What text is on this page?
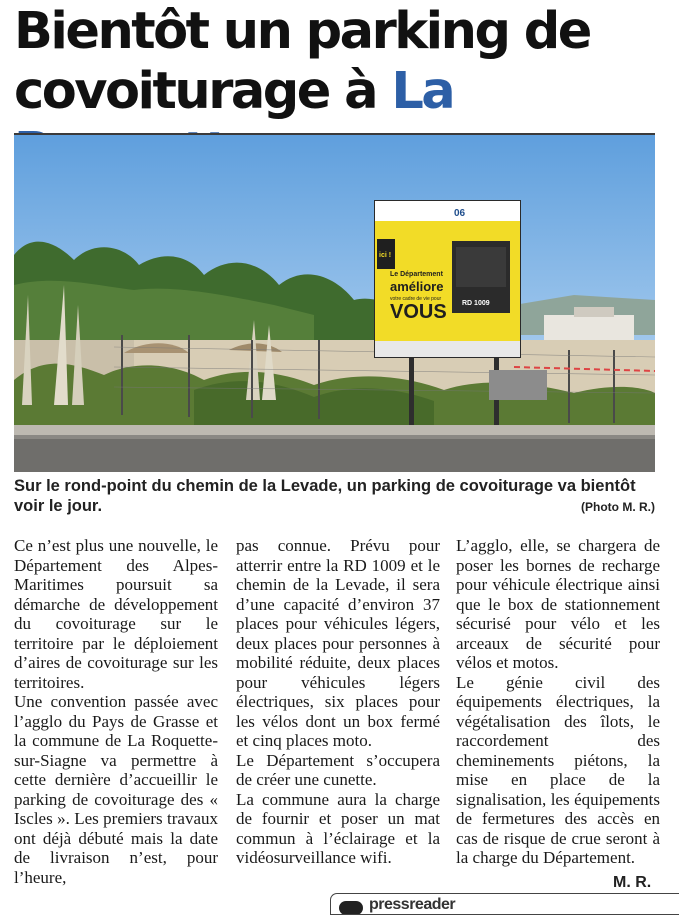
Bientôt un parking de covoiturage à La
06
ici !
Le Département
améliore
votre cadre de vie pour
VOUS RD 1009
Sur le rond-point du chemin de la Levade, un parking de covoiturage va bientôt voir le jour.	(Photo M. R.)

Ce n’est plus une nouvelle, le Département des Alpes-Maritimes poursuit sa démarche de développement du covoiturage sur le territoire par le déploiement d’aires de covoiturage sur les territoires.

Une convention passée avec l’agglo du Pays de Grasse et la commune de La Roquette-sur-Siagne va permettre à cette dernière d’accueillir le parking de covoiturage des « Iscles ». Les premiers travaux ont déjà débuté mais la date de livraison n’est, pour l’heure,

pas connue. Prévu pour atterrir entre la RD 1009 et le chemin de la Levade, il sera d’une capacité d’environ 37 places pour véhicules légers, deux places pour personnes à mobilité réduite, deux places pour véhicules légers électriques, six places pour les vélos dont un box fermé et cinq places moto.

Le Département s’occupera de créer une cunette.

La commune aura la charge de fournir et poser un mat commun à l’éclairage et la vidéosurveillance wifi.

L’agglo, elle, se chargera de poser les bornes de recharge pour véhicule électrique ainsi que le box de stationnement sécurisé pour vélo et les arceaux de sécurité pour vélos et motos.

Le génie civil des équipements électriques, la végétalisation des îlots, le raccordement des cheminements piétons, la mise en place de la signalisation, les équipements de fermetures des accès en cas de risque de crue seront à la charge du Département.

M. R.
pressreader
